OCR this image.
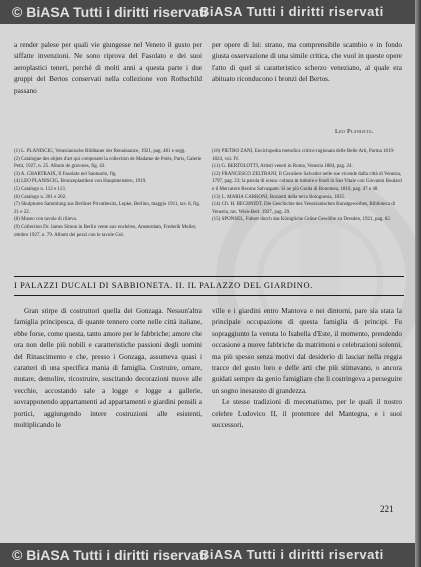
© BiASA Tutti i diritti riservati
BiASA Tutti i diritti riservati

a render palese per quali vie giungesse nel Veneto il gusto per siffatte invenzioni. Ne sono riprova del Fasolato e dei suoi aeroplastici teneri, perché di molti anni a questa parte i due gruppi del Bertos conservati nella collezione von Rothschild passano

per opere di lui: strano, ma comprensibile scambio e in fondo giusta osservazione di una simile critica, che vuol in queste opere l'atto di quel sì caratteristico scherzo veneziano, al quale era abituato riconducono i bronzi del Bertos.

Leo Planiscig.

(1) L. PLANISCIG, Venezianische Bildhauer der Renaissance, 1921, pag. 481 e segg.

(2) Catalogue des objets d'art qui composent la collection de Madame de Polès, Paris, Galerie Petit, 1927, n. 25. Album de gravures, fig. 43.

(3) A. CHARTRAIX, Il Fasolato nel Santuario, fig.

(4) LEO PLANISCIG, Bronzeplastiken von Hauptmeistern, 1919.

(5) Catalogo n. 112 e 113.

(6) Catalogo n. 201 e 202.

(7) Skulpturen Sammlung aus Berliner Privatbesitz, Lepke, Berlino, maggio 1911, tav. 8, fig. 21 e 22.

(8) Museo con tavole di rilievo.

(9) Collection Dr. James Simon in Berlin vente aux enchères, Amsterdam, Frederik Muller, ottobre 1927, n. 79. Album dei pezzi con le tavole Gol.

(10) PIETRO ZANI, Enciclopedia metodica critico-ragionata delle Belle Arti, Parma 1819-1824, vol. IV.

(11) G. BERTOLOTTI, Artisti veneti in Roma, Venezia 1884, pag. 24.

(12) FRANCESCO ZELTRANI, Il Cavaliere Salvador nelle sue vicende dalla città di Venezia, 1797, pag. 23; la parola di scena: cultura in rumore e feudi in San Vitale con Giovanni Boulard e il Mercatore Recens Salvaspare. Sì ne più Guida di Bonomea, 1810, pag. 47 e 48.

(13) L. MARIA CARBONI, Bozzetti della terra Bolognesia, 1835.

(14) Cfr. H. BECHNIDT, Die Geschichte des Venezianischen Kunstgewerbes, Biblioteca di Venezia, tav. Wien-Berl. 1927, pag. 29.

(15) SPONSEL, Fuhrer durch das Königliche Grüne Gewölbe zu Dresden, 1921, pag. 82.

I PALAZZI DUCALI DI SABBIONETA. II. IL PALAZZO DEL GIARDINO.

Gran stirpe di costruttori quella dei Gonzaga. Nessun'altra famiglia principesca, di quante tennero corte nelle città italiane, ebbe forse, come questa, tanto amore per le fabbriche; amore che ora non delle più nobili e caratteristiche passioni degli uomini del Rinascimento e che, presso i Gonzaga, assumeva quasi i caratteri di una specifica mania di famiglia. Costruire, ornare, mutare, demolire, ricostruire, suscitando decorazioni nuove alle vecchie, accostando sale a logge e logge a gallerie, sovrapponendo appartamenti ad appartamenti e giardini pensili a portici, aggiungendo intere costruzioni alle esistenti, moltiplicando le

ville e i giardini entro Mantova e nei dintorni, pare sia stata la principale occupazione di questa famiglia di principi. Fu sopraggiunto la venuta lo Isabella d'Este, il momento, prendendo occasione a nuove fabbriche da matrimoni e celebrazioni solenni, ma più spesso senza motivi dal desiderio di lasciar nella reggia tracce del gusto loro e delle arti che più stimavano, o ancora guidati sempre da genio famigliare che li costringeva a perseguire un sogno inesausto di grandezza.

Le stesse tradizioni di mecenatismo, per le quali il nostro celebre Ludovico II, il protettore del Mantegna, e i suoi successori,

221
© BiASA Tutti i diritti riservati
BiASA Tutti i diritti riservati
